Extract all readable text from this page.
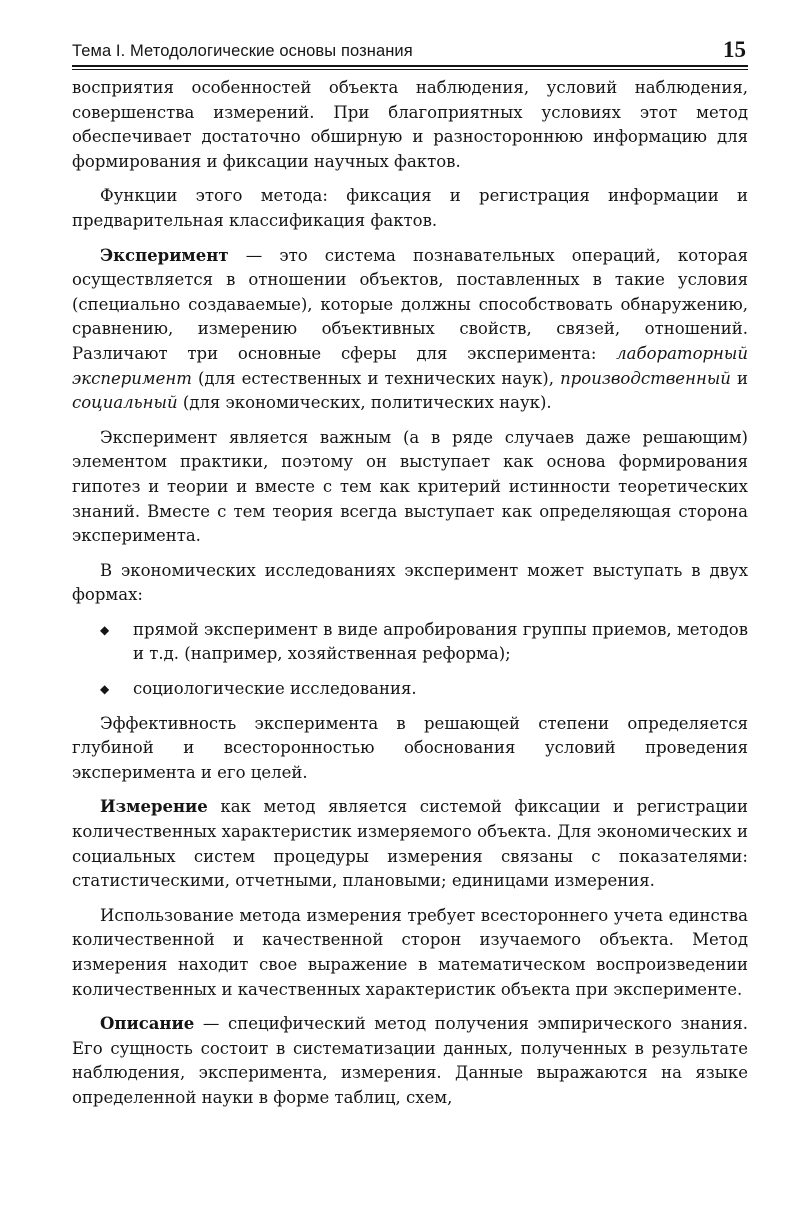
Тема I. Методологические основы познания	15

восприятия особенностей объекта наблюдения, условий наблюдения, совершенства измерений. При благоприятных условиях этот метод обеспечивает достаточно обширную и разностороннюю информацию для формирования и фиксации научных фактов.

Функции этого метода: фиксация и регистрация информации и предварительная классификация фактов.

Эксперимент — это система познавательных операций, которая осуществляется в отношении объектов, поставленных в такие условия (специально создаваемые), которые должны способствовать обнаружению, сравнению, измерению объективных свойств, связей, отношений. Различают три основные сферы для эксперимента: лабораторный эксперимент (для естественных и технических наук), производственный и социальный (для экономических, политических наук).

Эксперимент является важным (а в ряде случаев даже решающим) элементом практики, поэтому он выступает как основа формирования гипотез и теории и вместе с тем как критерий истинности теоретических знаний. Вместе с тем теория всегда выступает как определяющая сторона эксперимента.

В экономических исследованиях эксперимент может выступать в двух формах:

◆ прямой эксперимент в виде апробирования группы приемов, методов и т.д. (например, хозяйственная реформа);
◆ социологические исследования.

Эффективность эксперимента в решающей степени определяется глубиной и всесторонностью обоснования условий проведения эксперимента и его целей.

Измерение как метод является системой фиксации и регистрации количественных характеристик измеряемого объекта. Для экономических и социальных систем процедуры измерения связаны с показателями: статистическими, отчетными, плановыми; единицами измерения.

Использование метода измерения требует всестороннего учета единства количественной и качественной сторон изучаемого объекта. Метод измерения находит свое выражение в математическом воспроизведении количественных и качественных характеристик объекта при эксперименте.

Описание — специфический метод получения эмпирического знания. Его сущность состоит в систематизации данных, полученных в результате наблюдения, эксперимента, измерения. Данные выражаются на языке определенной науки в форме таблиц, схем,
